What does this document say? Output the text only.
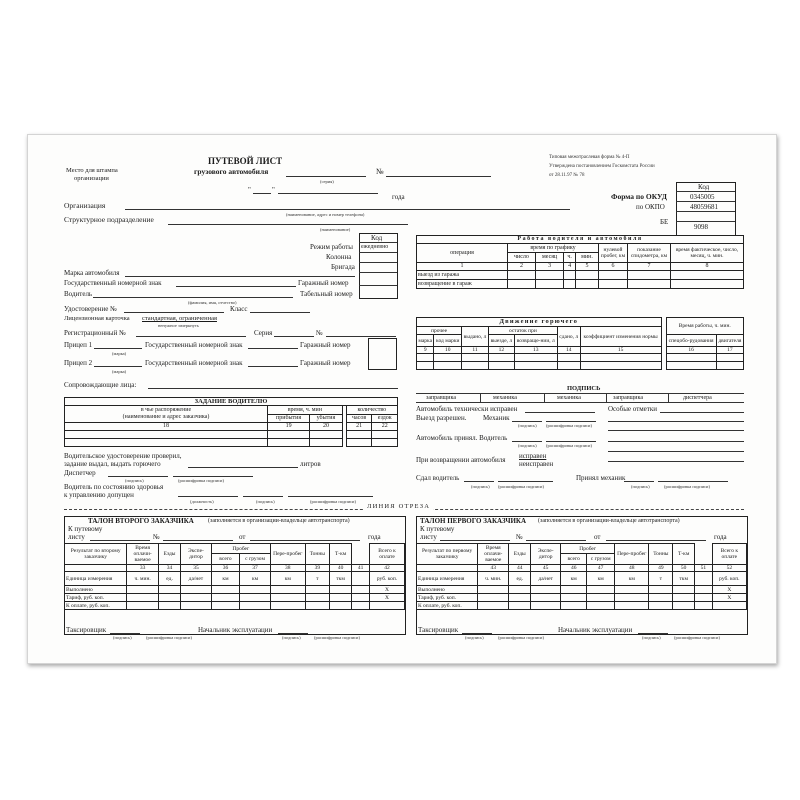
Место для штампа
организации
ПУТЕВОЙ ЛИСТ
грузового автомобиля
(серия)
№
Типовая межотраслевая форма № 4-П
Утверждена постановлением Госкомстата России
от 28.11.97 № 78
"	"
года
Код
Форма по ОКУД	0345005
по ОКПО	48059681
БЕ
9098
Организация
(наименование, адрес и номер телефона)
Структурное подразделение
(наименование)
Код
Режим работы ежедневно
Колонна
Бригада
Марка автомобиля
Государственный номерной знак	Гаражный номер
Водитель	Табельный номер
(фамилия, имя, отчество)
Удостоверение №	Класс
Лицензионная карточка стандартная, ограниченная
ненужное зачеркнуть
Регистрационный №	Серия	№
Прицеп 1
(марка)
Государственный номерной знак	Гаражный номер
Прицеп 2
(марка)
Государственный номерной знак	Гаражный номер
Сопровождающие лица:
ЗАДАНИЕ ВОДИТЕЛЮ					
в чье распоряжение
(наименование и адрес заказчика)	время, ч. мин			количество	
	прибытия	убытия		часов	ездок
18	19	20		21	22

Водительское удостоверение проверил,
задание выдал, выдать горючего	литров
Диспетчер
(подпись)	(расшифровка подписи)
Водитель по состоянию здоровья
к управлению допущен
(должность)	(подпись)	(расшифровка подписи)
Работа водителя и автомобиля							
операция	время по графику				нулевой пробег, км	показание спидометра, км	время фактическое, число, месяц, ч. мин.
	число	месяц	ч.	мин.			
1	2	3	4	5	6	7	8
выезд из гаража							
возвращение в гараж							
Движение горючего								Время работы, ч. мин.	
прочее		выдано, л	остаток при		сдано, л	коэффициент изменения нормы			
марка	код марки		выезде, л	возвраще-нии, л				спецобо-рудования	двигателя
9	10	11	12	13	14	15		16	17

ПОДПИСЬ
заправщика	механика	механика	заправщика	диспетчера
Автомобиль технически исправен	Особые отметки
Выезд разрешен. Механик
(подпись) (расшифровка подписи)
Автомобиль принял. Водитель
(подпись) (расшифровка подписи)
При возвращении автомобиля исправен
неисправен
Сдал водитель
(подпись) (расшифровка подписи)
Принял механик
(подпись)	(расшифровка подписи)
ЛИНИЯ ОТРЕЗА
ТАЛОН ВТОРОГО ЗАКАЗЧИКА (заполняется в организации-владельце автотранспорта)
К путевому
листу	№	от	года
Результат по второму заказчику	Время оплачи-ваемое	Езды	Экспе-дитор	Пробег		Пере-пробег	Тонны	Т-км		Всего к оплате
				всего	с грузом					
	33	34	35	36	37	38	39	40	41	42
Единица измерения	ч. мин.	ед.	да/нет	км	км	км	т	ткм		руб. коп.
Выполнено										X
Тариф, руб. коп.										X
К оплате, руб. коп.										
Таксировщик
(подпись)	(расшифровка подписи)
Начальник эксплуатации
(подпись)	(расшифровка подписи)
ТАЛОН ПЕРВОГО ЗАКАЗЧИКА (заполняется в организации-владельце автотранспорта)
К путевому
листу	№	от	года
Результат по первому заказчику	Время оплачи-ваемое	Езды	Экспе-дитор	Пробег		Пере-пробег	Тонны	Т-км		Всего к оплате
				всего	с грузом					
	43	44	45	46	47	48	49	50	51	52
Единица измерения	ч. мин.	ед.	да/нет	км	км	км	т	ткм		руб. коп.
Выполнено										X
Тариф, руб. коп.										X
К оплате, руб. коп.										
Таксировщик
(подпись)	(расшифровка подписи)
Начальник эксплуатации
(подпись)	(расшифровка подписи)
